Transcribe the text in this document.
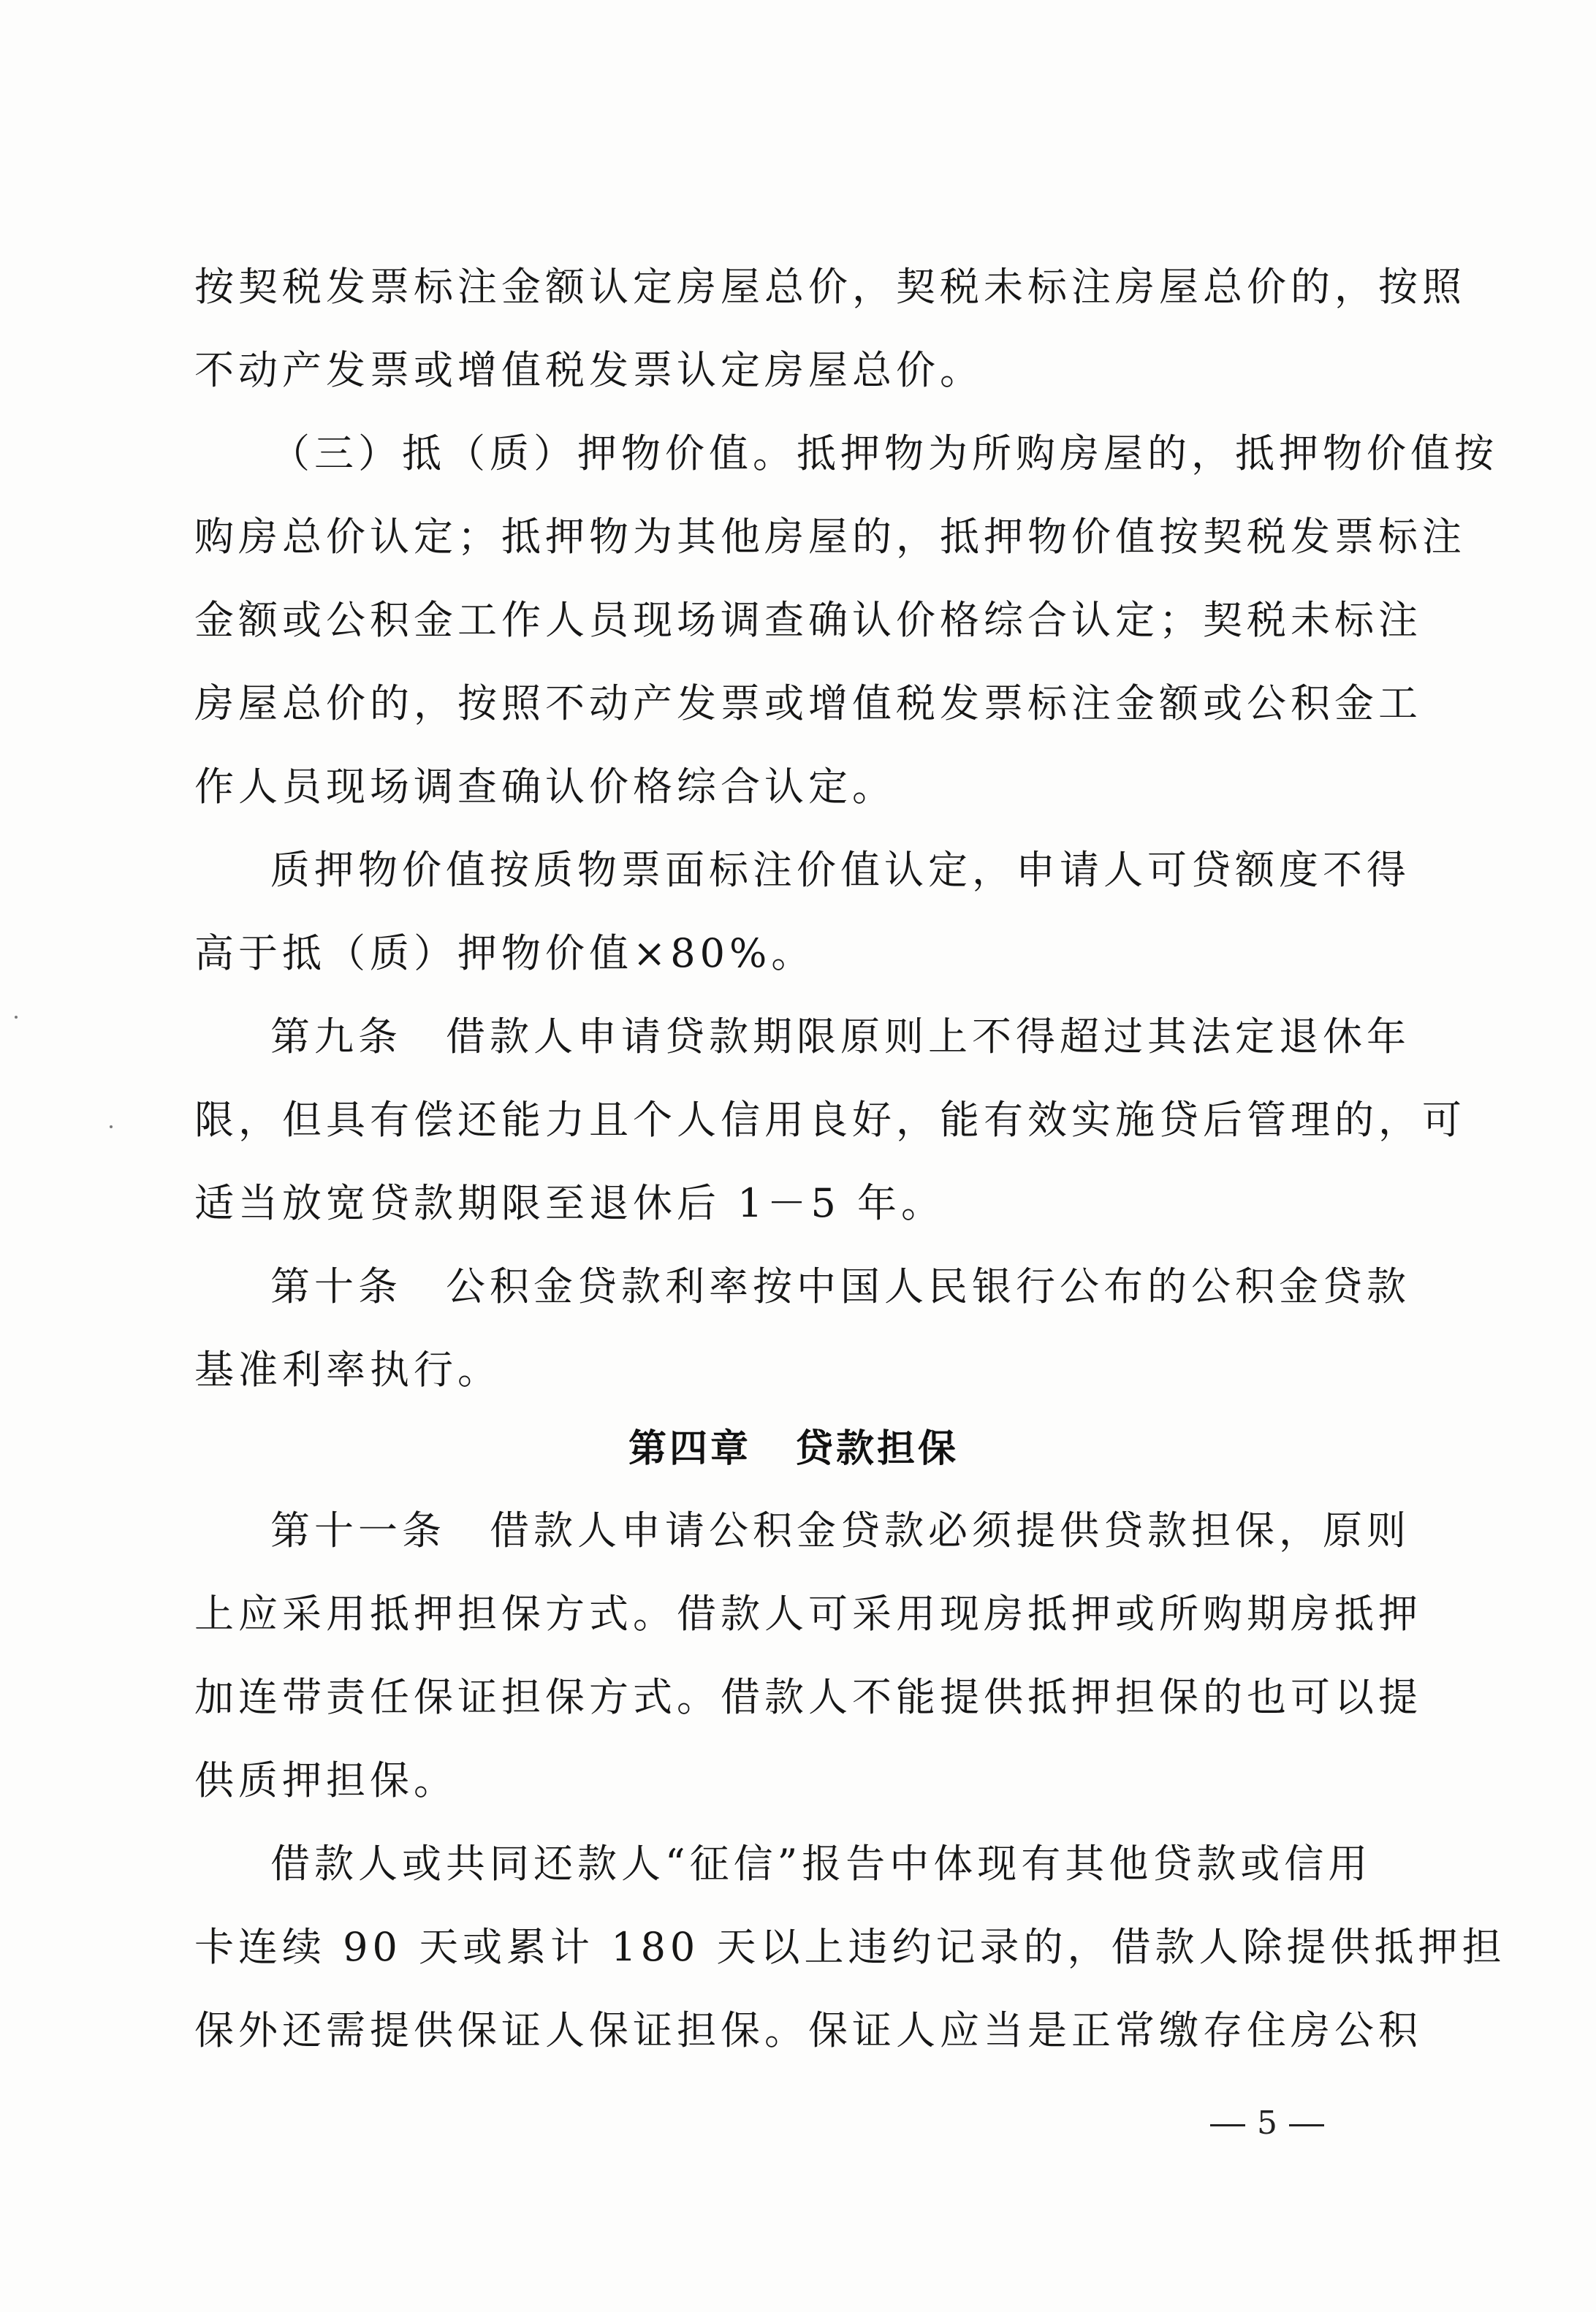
按契税发票标注金额认定房屋总价，契税未标注房屋总价的，按照
不动产发票或增值税发票认定房屋总价。
（三）抵（质）押物价值。抵押物为所购房屋的，抵押物价值按
购房总价认定；抵押物为其他房屋的，抵押物价值按契税发票标注
金额或公积金工作人员现场调查确认价格综合认定；契税未标注
房屋总价的，按照不动产发票或增值税发票标注金额或公积金工
作人员现场调查确认价格综合认定。
质押物价值按质物票面标注价值认定，申请人可贷额度不得
高于抵（质）押物价值×80%。
第九条　借款人申请贷款期限原则上不得超过其法定退休年
限，但具有偿还能力且个人信用良好，能有效实施贷后管理的，可
适当放宽贷款期限至退休后 1－5 年。
第十条　公积金贷款利率按中国人民银行公布的公积金贷款
基准利率执行。
第四章 贷款担保
第十一条　借款人申请公积金贷款必须提供贷款担保，原则
上应采用抵押担保方式。借款人可采用现房抵押或所购期房抵押
加连带责任保证担保方式。借款人不能提供抵押担保的也可以提
供质押担保。
借款人或共同还款人“征信”报告中体现有其他贷款或信用
卡连续 90 天或累计 180 天以上违约记录的，借款人除提供抵押担
保外还需提供保证人保证担保。保证人应当是正常缴存住房公积
5
